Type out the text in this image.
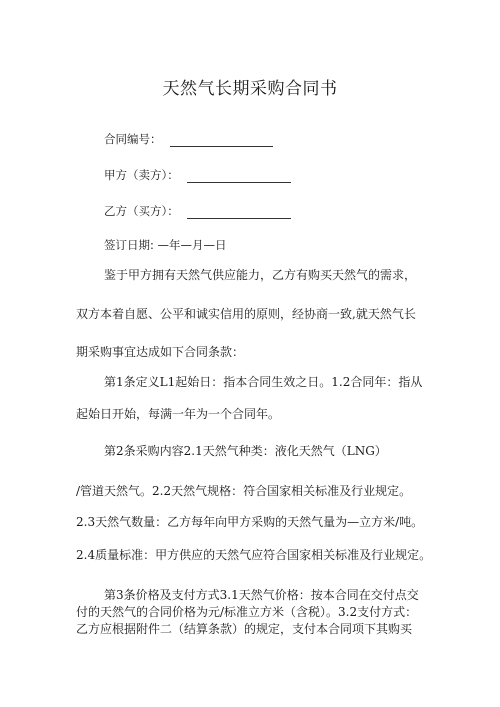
天然气长期采购合同书
合同编号：
甲方（卖方）：
乙方（买方）：
签订日期: —年—月—日
鉴于甲方拥有天然气供应能力，乙方有购买天然气的需求，
双方本着自愿、公平和诚实信用的原则，经协商一致,就天然气长
期采购事宜达成如下合同条款：
第1条定义L1起始日：指本合同生效之日。1.2合同年：指从
起始日开始，每满一年为一个合同年。
第2条采购内容2.1天然气种类：液化天然气（LNG）
/管道天然气。2.2天然气规格：符合国家相关标准及行业规定。
2.3天然气数量：乙方每年向甲方采购的天然气量为—立方米/吨。
2.4质量标准：甲方供应的天然气应符合国家相关标准及行业规定。
第3条价格及支付方式3.1天然气价格：按本合同在交付点交
付的天然气的合同价格为元/标准立方米（含税）。3.2支付方式：
乙方应根据附件二（结算条款）的规定，支付本合同项下其购买
